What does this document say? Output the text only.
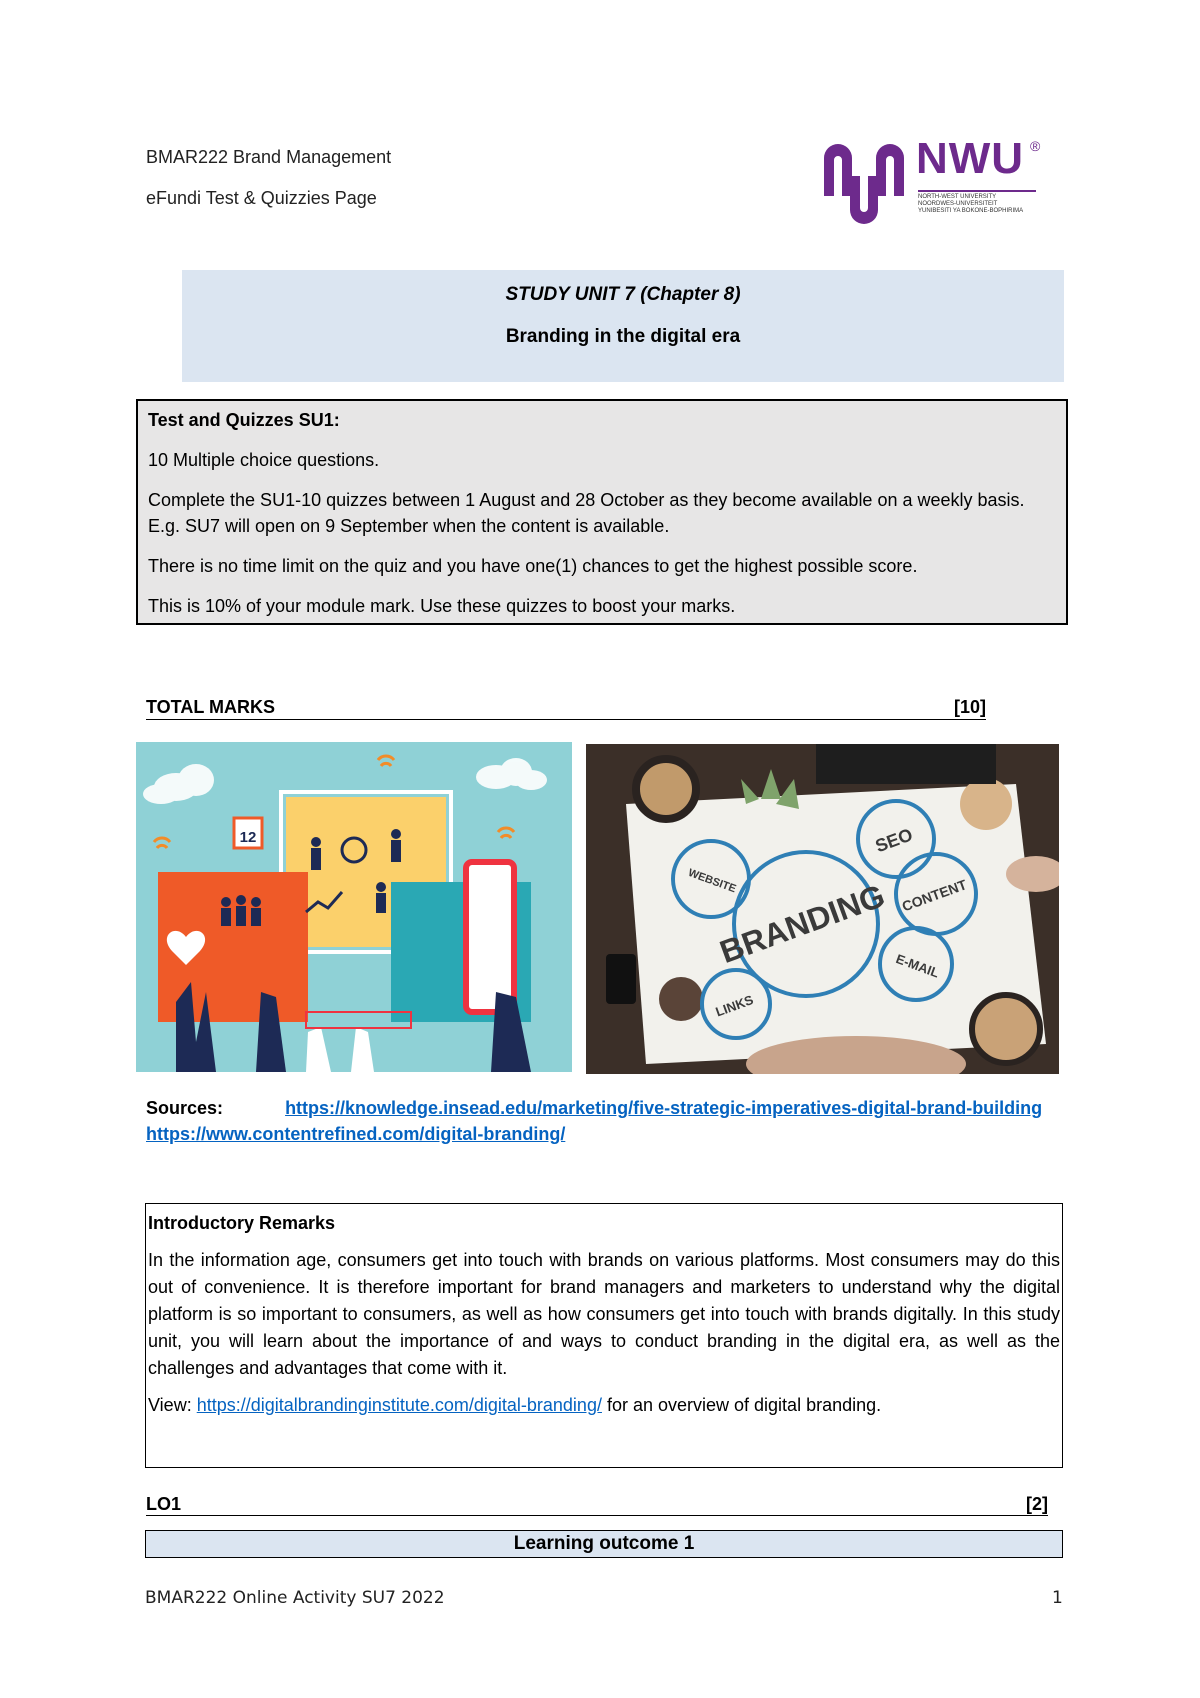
BMAR222 Brand Management
eFundi Test & Quizzies Page
NWU ®
NORTH-WEST UNIVERSITY
NOORDWES-UNIVERSITEIT
YUNIBESITI YA BOKONE-BOPHIRIMA
STUDY UNIT 7 (Chapter 8)
Branding in the digital era

Test and Quizzes SU1:

10 Multiple choice questions.

Complete the SU1-10 quizzes between 1 August and 28 October as they become available on a weekly basis. E.g. SU7 will open on 9 September when the content is available.

There is no time limit on the quiz and you have one(1) chances to get the highest possible score.

This is 10% of your module mark. Use these quizzes to boost your marks.

TOTAL MARKS	[10]
12
BRANDING
SEO
CONTENT
E-MAIL
LINKS
WEBSITE
Sources:	https://knowledge.insead.edu/marketing/five-strategic-imperatives-digital-brand-building https://www.contentrefined.com/digital-branding/
Introductory Remarks
In the information age, consumers get into touch with brands on various platforms. Most consumers may do this out of convenience. It is therefore important for brand managers and marketers to understand why the digital platform is so important to consumers, as well as how consumers get into touch with brands digitally. In this study unit, you will learn about the importance of and ways to conduct branding in the digital era, as well as the challenges and advantages that come with it.
View: https://digitalbrandinginstitute.com/digital-branding/ for an overview of digital branding.
LO1	[2]
Learning outcome 1
BMAR222 Online Activity SU7 2022	1
